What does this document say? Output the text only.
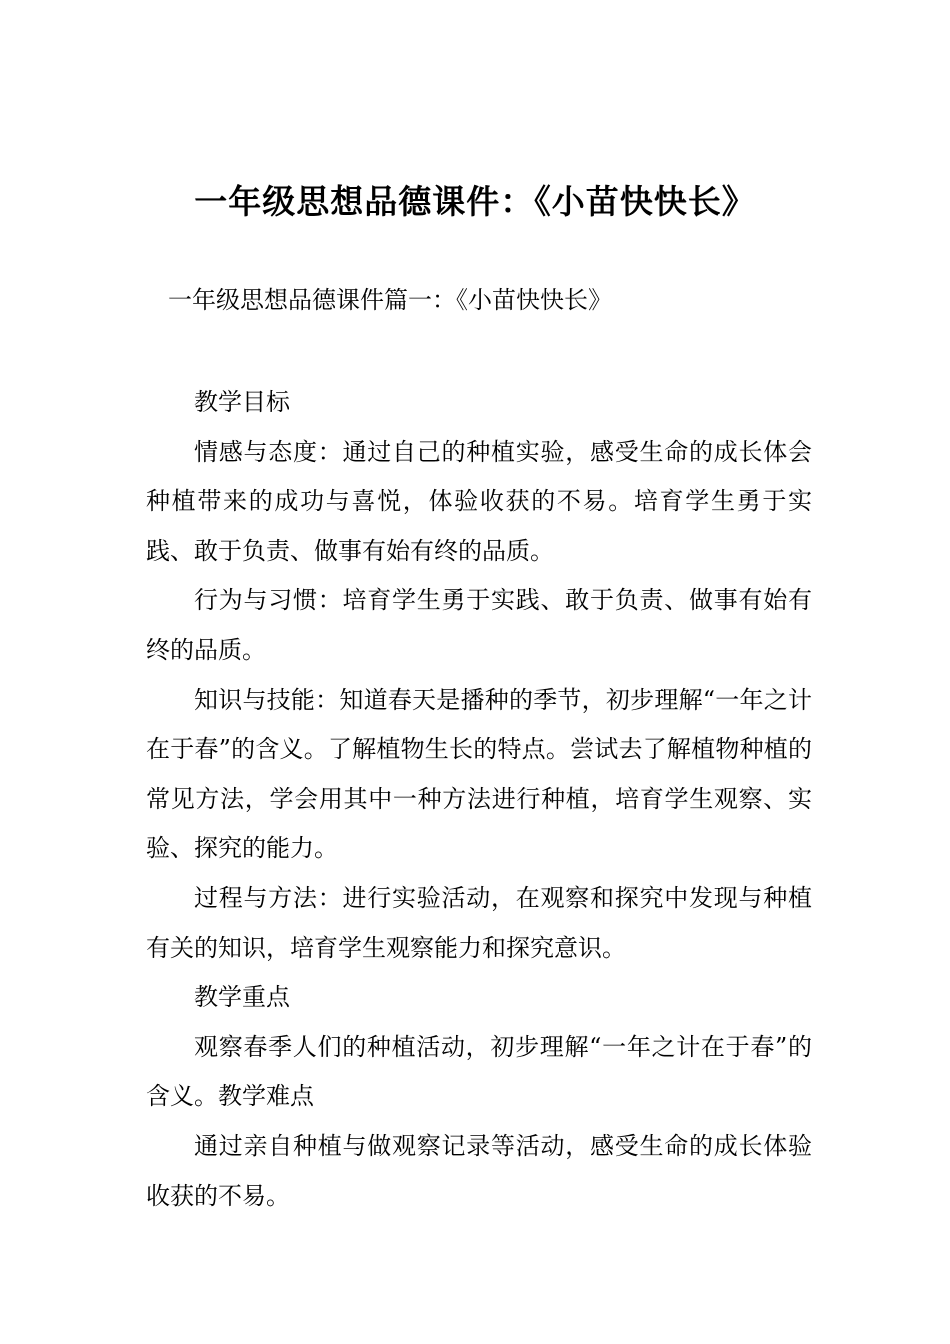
一年级思想品德课件：《小苗快快长》

一年级思想品德课件篇一：《小苗快快长》

教学目标

情感与态度：通过自己的种植实验，感受生命的成长体会种植带来的成功与喜悦，体验收获的不易。培育学生勇于实践、敢于负责、做事有始有终的品质。

行为与习惯：培育学生勇于实践、敢于负责、做事有始有终的品质。

知识与技能：知道春天是播种的季节，初步理解“一年之计在于春”的含义。了解植物生长的特点。尝试去了解植物种植的常见方法，学会用其中一种方法进行种植，培育学生观察、实验、探究的能力。

过程与方法：进行实验活动，在观察和探究中发现与种植有关的知识，培育学生观察能力和探究意识。

教学重点

观察春季人们的种植活动，初步理解“一年之计在于春”的含义。教学难点

通过亲自种植与做观察记录等活动，感受生命的成长体验收获的不易。
